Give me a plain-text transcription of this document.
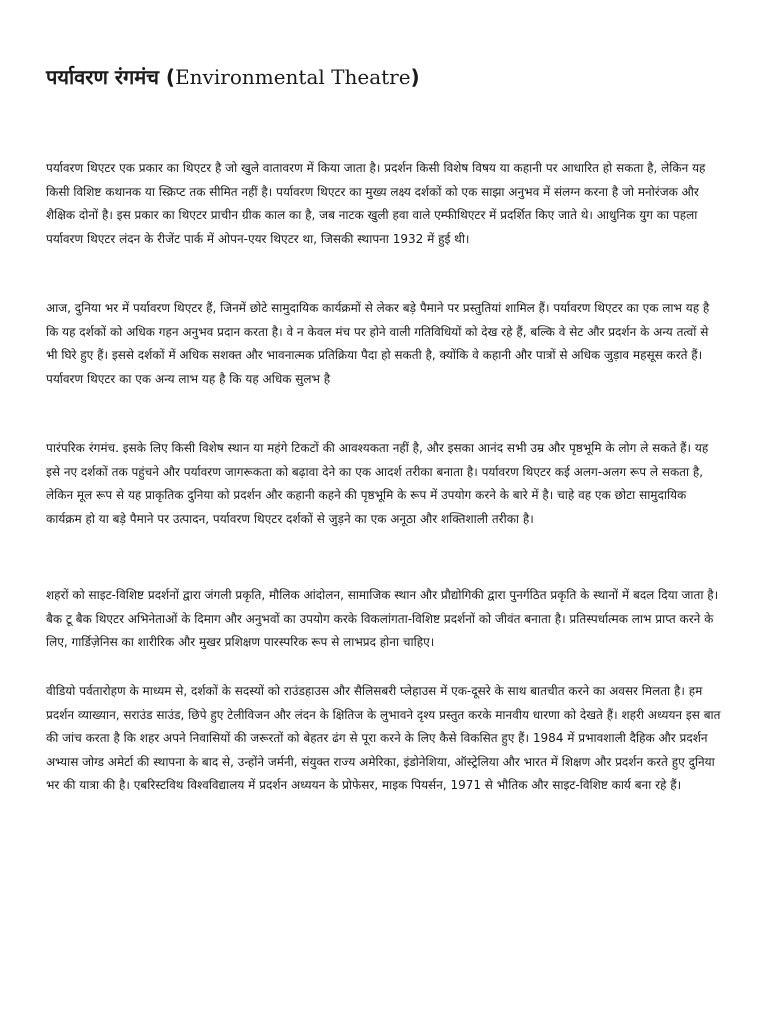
पर्यावरण रंगमंच (Environmental Theatre)

पर्यावरण थिएटर एक प्रकार का थिएटर है जो खुले वातावरण में किया जाता है। प्रदर्शन किसी विशेष विषय या कहानी पर आधारित हो सकता है, लेकिन यह किसी विशिष्ट कथानक या स्क्रिप्ट तक सीमित नहीं है। पर्यावरण थिएटर का मुख्य लक्ष्य दर्शकों को एक साझा अनुभव में संलग्न करना है जो मनोरंजक और शैक्षिक दोनों है। इस प्रकार का थिएटर प्राचीन ग्रीक काल का है, जब नाटक खुली हवा वाले एम्फीथिएटर में प्रदर्शित किए जाते थे। आधुनिक युग का पहला पर्यावरण थिएटर लंदन के रीजेंट पार्क में ओपन-एयर थिएटर था, जिसकी स्थापना 1932 में हुई थी।

आज, दुनिया भर में पर्यावरण थिएटर हैं, जिनमें छोटे सामुदायिक कार्यक्रमों से लेकर बड़े पैमाने पर प्रस्तुतियां शामिल हैं। पर्यावरण थिएटर का एक लाभ यह है कि यह दर्शकों को अधिक गहन अनुभव प्रदान करता है। वे न केवल मंच पर होने वाली गतिविधियों को देख रहे हैं, बल्कि वे सेट और प्रदर्शन के अन्य तत्वों से भी घिरे हुए हैं। इससे दर्शकों में अधिक सशक्त और भावनात्मक प्रतिक्रिया पैदा हो सकती है, क्योंकि वे कहानी और पात्रों से अधिक जुड़ाव महसूस करते हैं। पर्यावरण थिएटर का एक अन्य लाभ यह है कि यह अधिक सुलभ है

पारंपरिक रंगमंच. इसके लिए किसी विशेष स्थान या महंगे टिकटों की आवश्यकता नहीं है, और इसका आनंद सभी उम्र और पृष्ठभूमि के लोग ले सकते हैं। यह इसे नए दर्शकों तक पहुंचने और पर्यावरण जागरूकता को बढ़ावा देने का एक आदर्श तरीका बनाता है। पर्यावरण थिएटर कई अलग-अलग रूप ले सकता है, लेकिन मूल रूप से यह प्राकृतिक दुनिया को प्रदर्शन और कहानी कहने की पृष्ठभूमि के रूप में उपयोग करने के बारे में है। चाहे वह एक छोटा सामुदायिक कार्यक्रम हो या बड़े पैमाने पर उत्पादन, पर्यावरण थिएटर दर्शकों से जुड़ने का एक अनूठा और शक्तिशाली तरीका है।

शहरों को साइट-विशिष्ट प्रदर्शनों द्वारा जंगली प्रकृति, मौलिक आंदोलन, सामाजिक स्थान और प्रौद्योगिकी द्वारा पुनर्गठित प्रकृति के स्थानों में बदल दिया जाता है। बैक टू बैक थिएटर अभिनेताओं के दिमाग और अनुभवों का उपयोग करके विकलांगता-विशिष्ट प्रदर्शनों को जीवंत बनाता है। प्रतिस्पर्धात्मक लाभ प्राप्त करने के लिए, गार्डिज़ेनिस का शारीरिक और मुखर प्रशिक्षण पारस्परिक रूप से लाभप्रद होना चाहिए।

वीडियो पर्वतारोहण के माध्यम से, दर्शकों के सदस्यों को राउंडहाउस और सैलिसबरी प्लेहाउस में एक-दूसरे के साथ बातचीत करने का अवसर मिलता है। हम प्रदर्शन व्याख्यान, सराउंड साउंड, छिपे हुए टेलीविजन और लंदन के क्षितिज के लुभावने दृश्य प्रस्तुत करके मानवीय धारणा को देखते हैं। शहरी अध्ययन इस बात की जांच करता है कि शहर अपने निवासियों की जरूरतों को बेहतर ढंग से पूरा करने के लिए कैसे विकसित हुए हैं। 1984 में प्रभावशाली दैहिक और प्रदर्शन अभ्यास जोग्ड अमेर्टा की स्थापना के बाद से, उन्होंने जर्मनी, संयुक्त राज्य अमेरिका, इंडोनेशिया, ऑस्ट्रेलिया और भारत में शिक्षण और प्रदर्शन करते हुए दुनिया भर की यात्रा की है। एबरिस्टविथ विश्वविद्यालय में प्रदर्शन अध्ययन के प्रोफेसर, माइक पियर्सन, 1971 से भौतिक और साइट-विशिष्ट कार्य बना रहे हैं।
